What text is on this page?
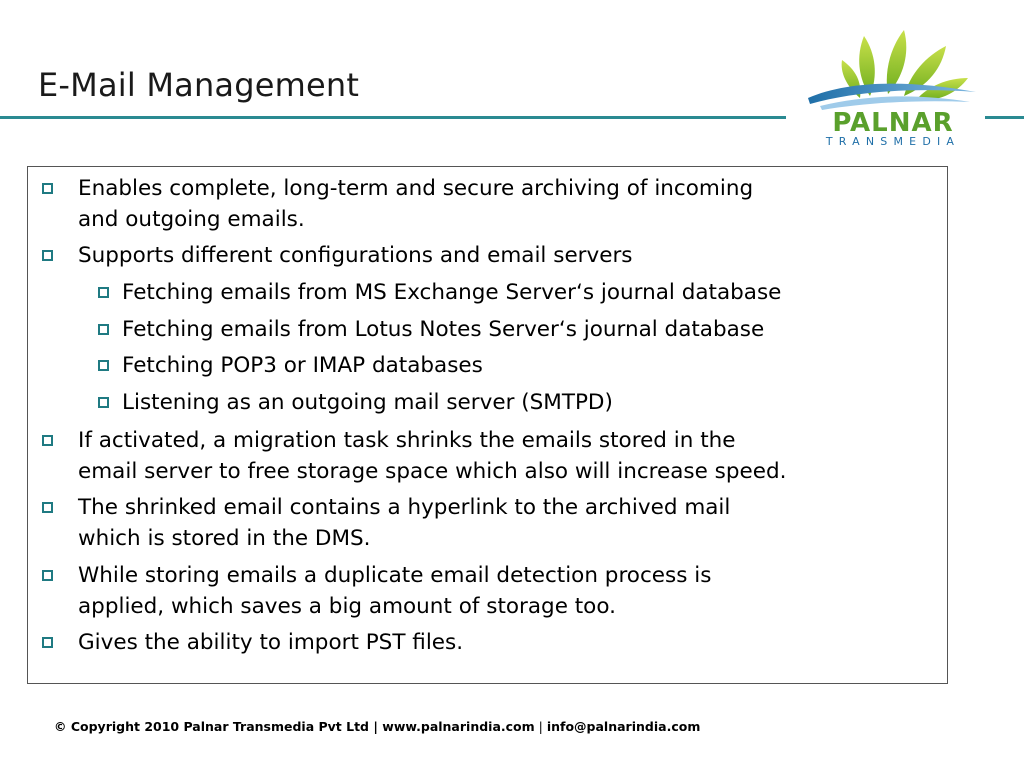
E-Mail Management
PALNAR
TRANSMEDIA
Enables complete, long-term and secure archiving of incoming
and outgoing emails.
Supports different configurations and email servers
Fetching emails from MS Exchange Server‘s journal database
Fetching emails from Lotus Notes Server‘s journal database
Fetching POP3 or IMAP databases
Listening as an outgoing mail server (SMTPD)
If activated, a migration task shrinks the emails stored in the
email server to free storage space which also will increase speed.
The shrinked email contains a hyperlink to the archived mail
which is stored in the DMS.
While storing emails a duplicate email detection process is
applied, which saves a big amount of storage too.
Gives the ability to import PST files.
© Copyright 2010 Palnar Transmedia Pvt Ltd | www.palnarindia.com | info@palnarindia.com
